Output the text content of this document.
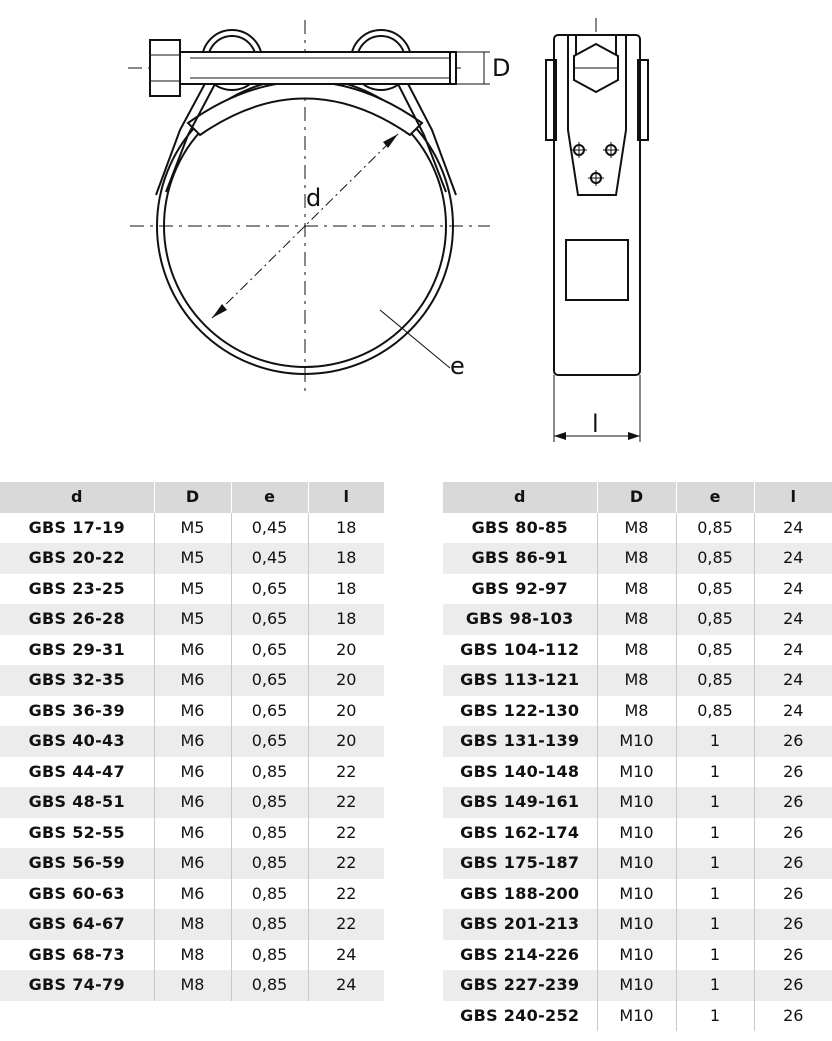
d
D
e
l
d	D	e	l
GBS 17-19	M5	0,45	18
GBS 20-22	M5	0,45	18
GBS 23-25	M5	0,65	18
GBS 26-28	M5	0,65	18
GBS 29-31	M6	0,65	20
GBS 32-35	M6	0,65	20
GBS 36-39	M6	0,65	20
GBS 40-43	M6	0,65	20
GBS 44-47	M6	0,85	22
GBS 48-51	M6	0,85	22
GBS 52-55	M6	0,85	22
GBS 56-59	M6	0,85	22
GBS 60-63	M6	0,85	22
GBS 64-67	M8	0,85	22
GBS 68-73	M8	0,85	24
GBS 74-79	M8	0,85	24
d	D	e	l
GBS 80-85	M8	0,85	24
GBS 86-91	M8	0,85	24
GBS 92-97	M8	0,85	24
GBS 98-103	M8	0,85	24
GBS 104-112	M8	0,85	24
GBS 113-121	M8	0,85	24
GBS 122-130	M8	0,85	24
GBS 131-139	M10	1	26
GBS 140-148	M10	1	26
GBS 149-161	M10	1	26
GBS 162-174	M10	1	26
GBS 175-187	M10	1	26
GBS 188-200	M10	1	26
GBS 201-213	M10	1	26
GBS 214-226	M10	1	26
GBS 227-239	M10	1	26
GBS 240-252	M10	1	26
